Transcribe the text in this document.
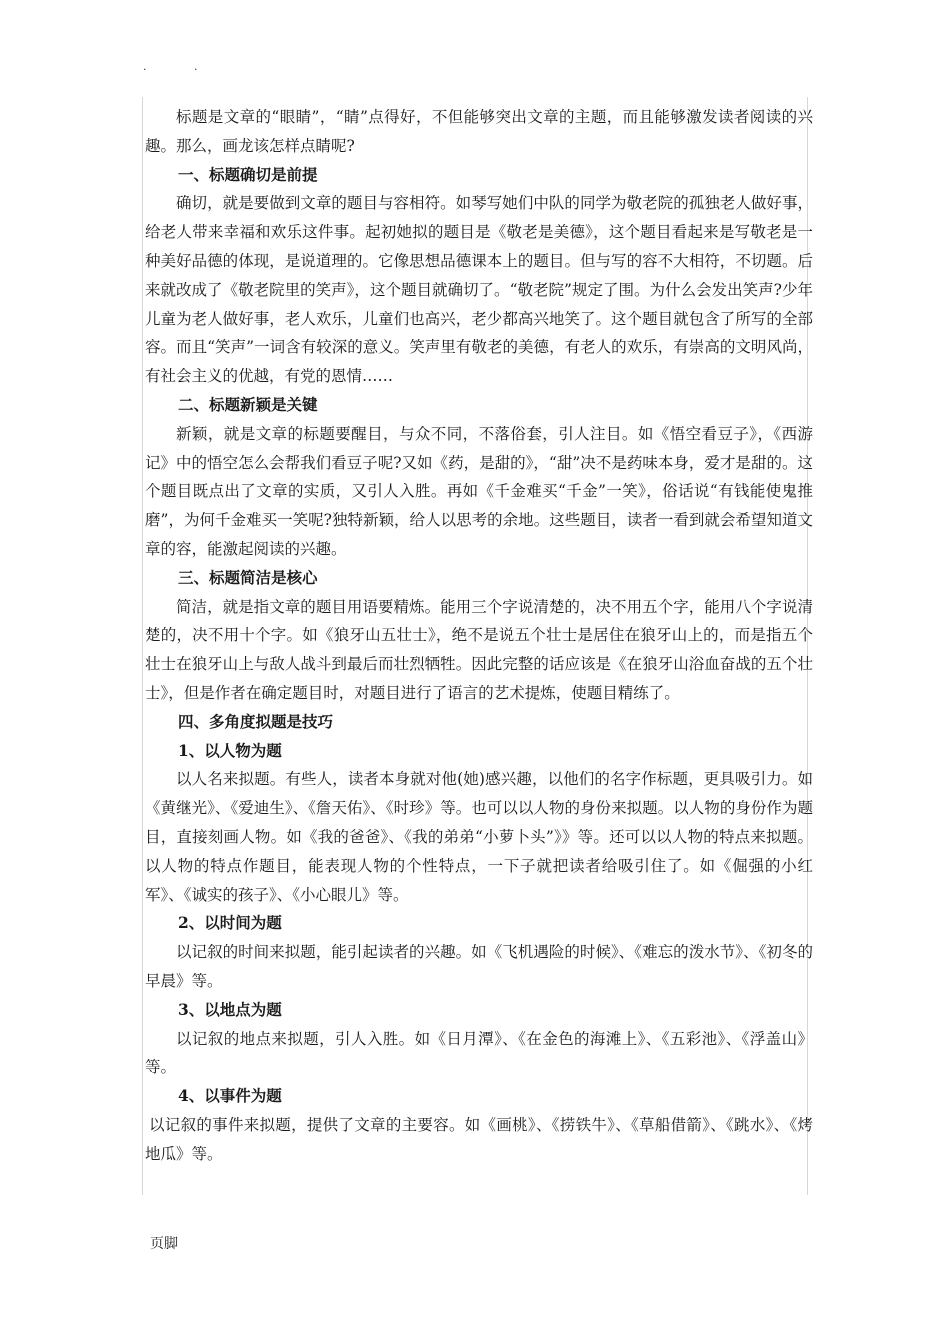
. .

标题是文章的“眼睛”，“睛”点得好，不但能够突出文章的主题，而且能够激发读者阅读的兴趣。那么，画龙该怎样点睛呢?

一、标题确切是前提

确切，就是要做到文章的题目与容相符。如琴写她们中队的同学为敬老院的孤独老人做好事，给老人带来幸福和欢乐这件事。起初她拟的题目是《敬老是美德》，这个题目看起来是写敬老是一种美好品德的体现，是说道理的。它像思想品德课本上的题目。但与写的容不大相符，不切题。后来就改成了《敬老院里的笑声》，这个题目就确切了。“敬老院”规定了围。为什么会发出笑声?少年儿童为老人做好事，老人欢乐，儿童们也高兴，老少都高兴地笑了。这个题目就包含了所写的全部容。而且“笑声”一词含有较深的意义。笑声里有敬老的美德，有老人的欢乐，有崇高的文明风尚，有社会主义的优越，有党的恩情……

二、标题新颖是关键

新颖，就是文章的标题要醒目，与众不同，不落俗套，引人注目。如《悟空看豆子》，《西游记》中的悟空怎么会帮我们看豆子呢?又如《药，是甜的》，“甜”决不是药味本身，爱才是甜的。这个题目既点出了文章的实质，又引人入胜。再如《千金难买“千金”一笑》，俗话说“有钱能使鬼推磨”，为何千金难买一笑呢?独特新颖，给人以思考的余地。这些题目，读者一看到就会希望知道文章的容，能激起阅读的兴趣。

三、标题简洁是核心

简洁，就是指文章的题目用语要精炼。能用三个字说清楚的，决不用五个字，能用八个字说清楚的，决不用十个字。如《狼牙山五壮士》，绝不是说五个壮士是居住在狼牙山上的，而是指五个壮士在狼牙山上与敌人战斗到最后而壮烈牺牲。因此完整的话应该是《在狼牙山浴血奋战的五个壮士》，但是作者在确定题目时，对题目进行了语言的艺术提炼，使题目精练了。

四、多角度拟题是技巧

1、以人物为题

以人名来拟题。有些人，读者本身就对他(她)感兴趣，以他们的名字作标题，更具吸引力。如《黄继光》、《爱迪生》、《詹天佑》、《时珍》等。也可以以人物的身份来拟题。以人物的身份作为题目，直接刻画人物。如《我的爸爸》、《我的弟弟“小萝卜头”》》等。还可以以人物的特点来拟题。以人物的特点作题目，能表现人物的个性特点，一下子就把读者给吸引住了。如《倔强的小红军》、《诚实的孩子》、《小心眼儿》等。

2、以时间为题

以记叙的时间来拟题，能引起读者的兴趣。如《飞机遇险的时候》、《难忘的泼水节》、《初冬的早晨》等。

3、以地点为题

以记叙的地点来拟题，引人入胜。如《日月潭》、《在金色的海滩上》、《五彩池》、《浮盖山》等。

4、以事件为题

以记叙的事件来拟题，提供了文章的主要容。如《画桃》、《捞铁牛》、《草船借箭》、《跳水》、《烤地瓜》等。

页脚
